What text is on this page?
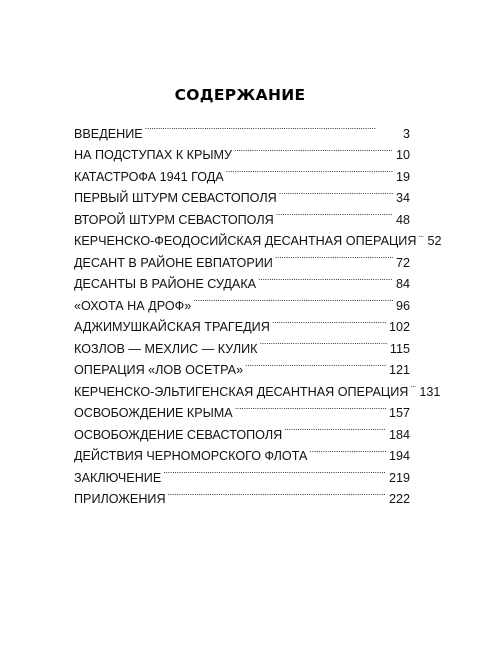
СОДЕРЖАНИЕ
ВВЕДЕНИЕ . . .	3
НА ПОДСТУПАХ К КРЫМУ . . .	10
КАТАСТРОФА 1941 ГОДА . . .	19
ПЕРВЫЙ ШТУРМ СЕВАСТОПОЛЯ . . .	34
ВТОРОЙ ШТУРМ СЕВАСТОПОЛЯ . . .	48
КЕРЧЕНСКО-ФЕОДОСИЙСКАЯ ДЕСАНТНАЯ ОПЕРАЦИЯ . . . 52
ДЕСАНТ В РАЙОНЕ ЕВПАТОРИИ . . .	72
ДЕСАНТЫ В РАЙОНЕ СУДАКА . . .	84
«ОХОТА НА ДРОФ» . . .	96
АДЖИМУШКАЙСКАЯ ТРАГЕДИЯ . . .	102
КОЗЛОВ — МЕХЛИС — КУЛИК . . .	115
ОПЕРАЦИЯ «ЛОВ ОСЕТРА» . . .	121
КЕРЧЕНСКО-ЭЛЬТИГЕНСКАЯ ДЕСАНТНАЯ ОПЕРАЦИЯ . . . 131
ОСВОБОЖДЕНИЕ КРЫМА . . .	157
ОСВОБОЖДЕНИЕ СЕВАСТОПОЛЯ . . .	184
ДЕЙСТВИЯ ЧЕРНОМОРСКОГО ФЛОТА . . .	194
ЗАКЛЮЧЕНИЕ . . .	219
ПРИЛОЖЕНИЯ . . .	222
